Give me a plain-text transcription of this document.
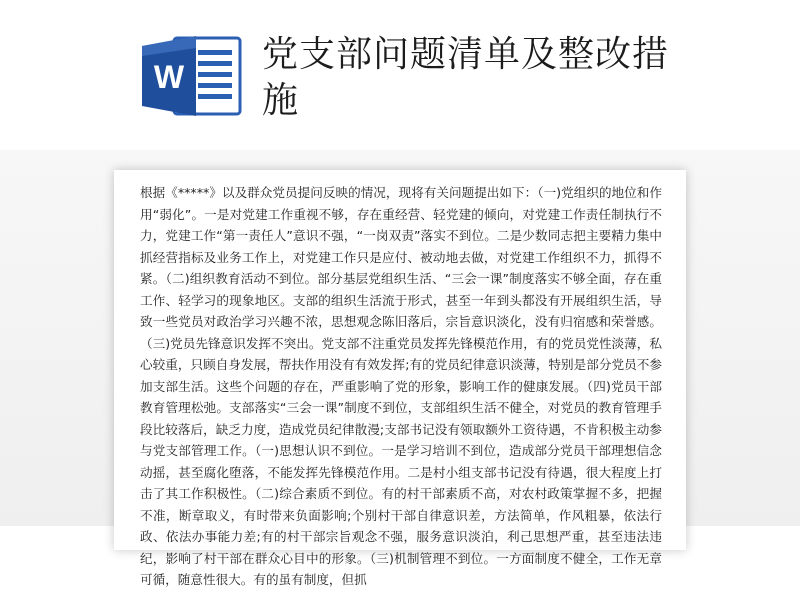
W
党支部问题清单及整改措施
根据《*****》以及群众党员提问反映的情况，现将有关问题提出如下：（一)党组织的地位和作用“弱化”。一是对党建工作重视不够，存在重经营、轻党建的倾向，对党建工作责任制执行不力，党建工作“第一责任人”意识不强，“一岗双责”落实不到位。二是少数同志把主要精力集中抓经营指标及业务工作上，对党建工作只是应付、被动地去做，对党建工作组织不力，抓得不紧。（二)组织教育活动不到位。部分基层党组织生活、“三会一课”制度落实不够全面，存在重工作、轻学习的现象地区。支部的组织生活流于形式，甚至一年到头都没有开展组织生活，导致一些党员对政治学习兴趣不浓，思想观念陈旧落后，宗旨意识淡化，没有归宿感和荣誉感。（三)党员先锋意识发挥不突出。党支部不注重党员发挥先锋模范作用，有的党员党性淡薄，私心较重，只顾自身发展，帮扶作用没有有效发挥;有的党员纪律意识淡薄，特别是部分党员不参加支部生活。这些个问题的存在，严重影响了党的形象，影响工作的健康发展。（四)党员干部教育管理松弛。支部落实“三会一课”制度不到位，支部组织生活不健全，对党员的教育管理手段比较落后，缺乏力度，造成党员纪律散漫;支部书记没有领取额外工资待遇，不肯积极主动参与党支部管理工作。（一)思想认识不到位。一是学习培训不到位，造成部分党员干部理想信念动摇，甚至腐化堕落，不能发挥先锋模范作用。二是村小组支部书记没有待遇，很大程度上打击了其工作积极性。（二)综合素质不到位。有的村干部素质不高，对农村政策掌握不多，把握不准，断章取义，有时带来负面影响;个别村干部自律意识差，方法简单，作风粗暴，依法行政、依法办事能力差;有的村干部宗旨观念不强，服务意识淡泊，利己思想严重，甚至违法违纪，影响了村干部在群众心目中的形象。（三)机制管理不到位。一方面制度不健全，工作无章可循，随意性很大。有的虽有制度，但抓
